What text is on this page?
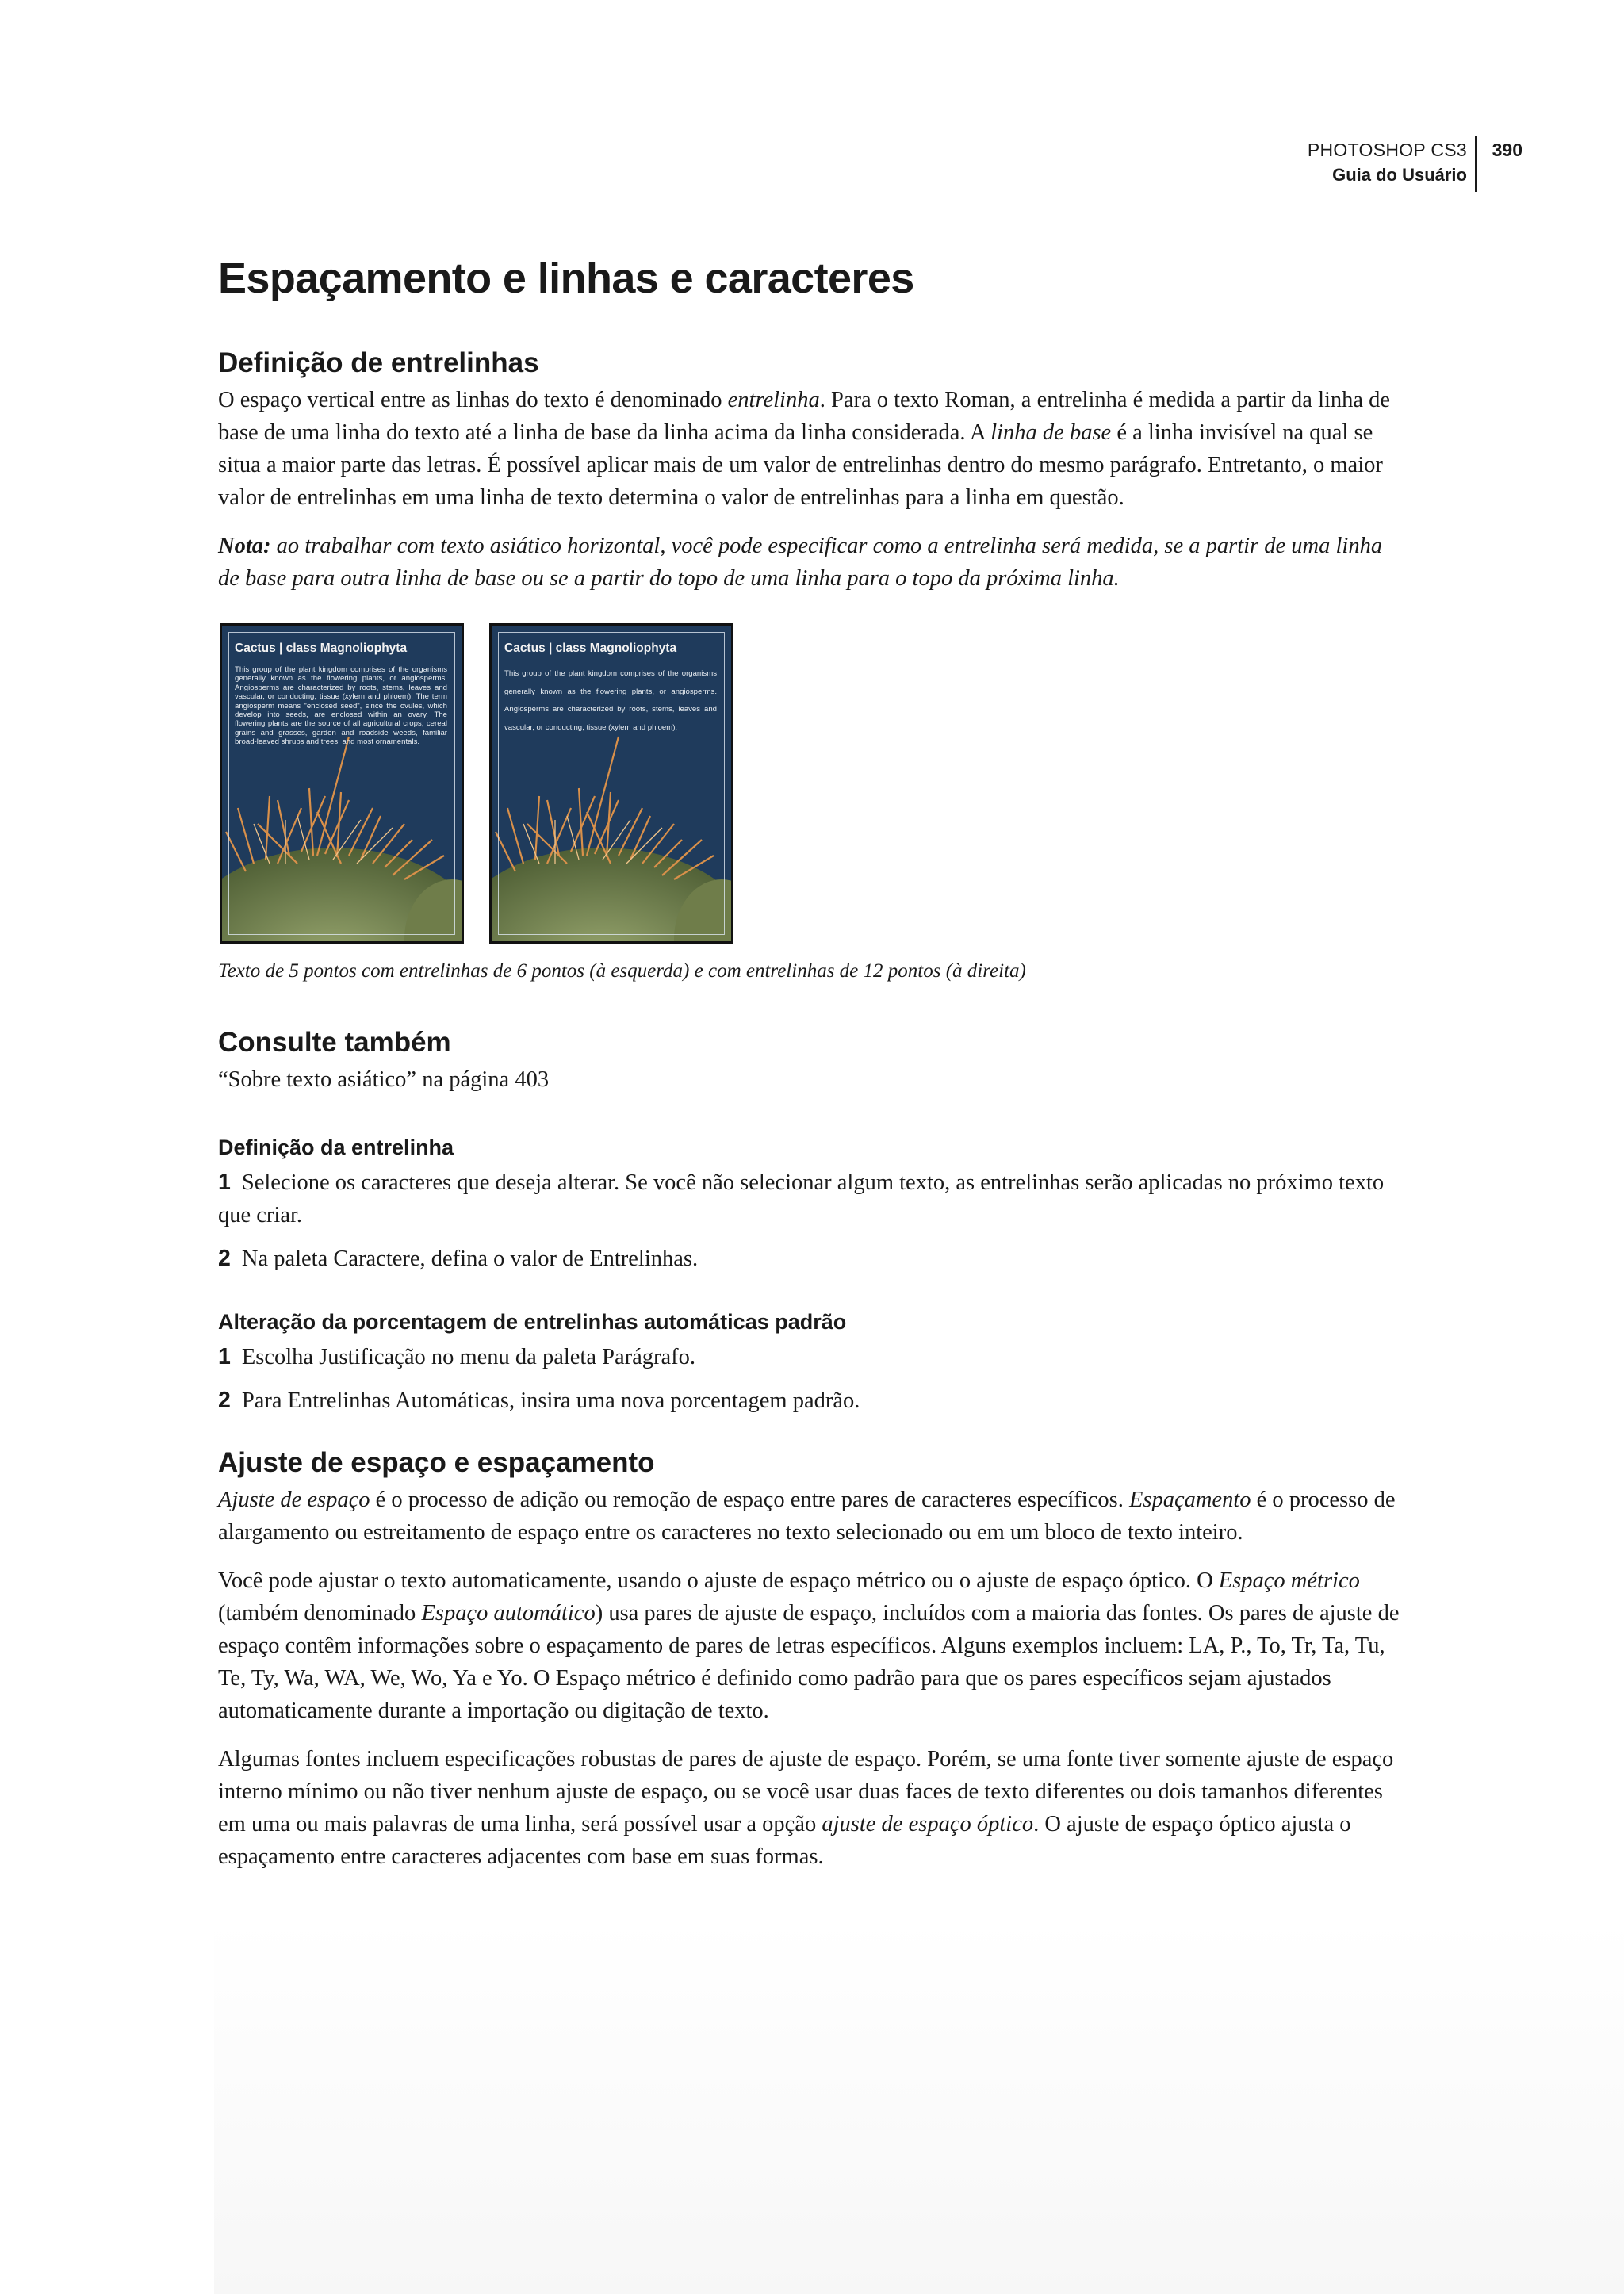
PHOTOSHOP CS3
Guia do Usuário
390
Espaçamento e linhas e caracteres
Definição de entrelinhas

O espaço vertical entre as linhas do texto é denominado entrelinha. Para o texto Roman, a entrelinha é medida a partir da linha de base de uma linha do texto até a linha de base da linha acima da linha considerada. A linha de base é a linha invisível na qual se situa a maior parte das letras. É possível aplicar mais de um valor de entrelinhas dentro do mesmo parágrafo. Entretanto, o maior valor de entrelinhas em uma linha de texto determina o valor de entrelinhas para a linha em questão.

Nota: ao trabalhar com texto asiático horizontal, você pode especificar como a entrelinha será medida, se a partir de uma linha de base para outra linha de base ou se a partir do topo de uma linha para o topo da próxima linha.

Cactus | class Magnoliophyta
This group of the plant kingdom comprises of the organisms generally known as the flowering plants, or angiosperms. Angiosperms are characterized by roots, stems, leaves and vascular, or conducting, tissue (xylem and phloem). The term angiosperm means "enclosed seed", since the ovules, which develop into seeds, are enclosed within an ovary. The flowering plants are the source of all agricultural crops, cereal grains and grasses, garden and roadside weeds, familiar broad-leaved shrubs and trees, and most ornamentals.
Cactus | class Magnoliophyta
This group of the plant kingdom comprises of the organisms generally known as the flowering plants, or angiosperms. Angiosperms are characterized by roots, stems, leaves and vascular, or conducting, tissue (xylem and phloem).

Texto de 5 pontos com entrelinhas de 6 pontos (à esquerda) e com entrelinhas de 12 pontos (à direita)

Consulte também

“Sobre texto asiático” na página 403

Definição da entrelinha

1 Selecione os caracteres que deseja alterar. Se você não selecionar algum texto, as entrelinhas serão aplicadas no próximo texto que criar.

2 Na paleta Caractere, defina o valor de Entrelinhas.

Alteração da porcentagem de entrelinhas automáticas padrão

1 Escolha Justificação no menu da paleta Parágrafo.

2 Para Entrelinhas Automáticas, insira uma nova porcentagem padrão.

Ajuste de espaço e espaçamento

Ajuste de espaço é o processo de adição ou remoção de espaço entre pares de caracteres específicos. Espaçamento é o processo de alargamento ou estreitamento de espaço entre os caracteres no texto selecionado ou em um bloco de texto inteiro.

Você pode ajustar o texto automaticamente, usando o ajuste de espaço métrico ou o ajuste de espaço óptico. O Espaço métrico (também denominado Espaço automático) usa pares de ajuste de espaço, incluídos com a maioria das fontes. Os pares de ajuste de espaço contêm informações sobre o espaçamento de pares de letras específicos. Alguns exemplos incluem: LA, P., To, Tr, Ta, Tu, Te, Ty, Wa, WA, We, Wo, Ya e Yo. O Espaço métrico é definido como padrão para que os pares específicos sejam ajustados automaticamente durante a importação ou digitação de texto.

Algumas fontes incluem especificações robustas de pares de ajuste de espaço. Porém, se uma fonte tiver somente ajuste de espaço interno mínimo ou não tiver nenhum ajuste de espaço, ou se você usar duas faces de texto diferentes ou dois tamanhos diferentes em uma ou mais palavras de uma linha, será possível usar a opção ajuste de espaço óptico. O ajuste de espaço óptico ajusta o espaçamento entre caracteres adjacentes com base em suas formas.
